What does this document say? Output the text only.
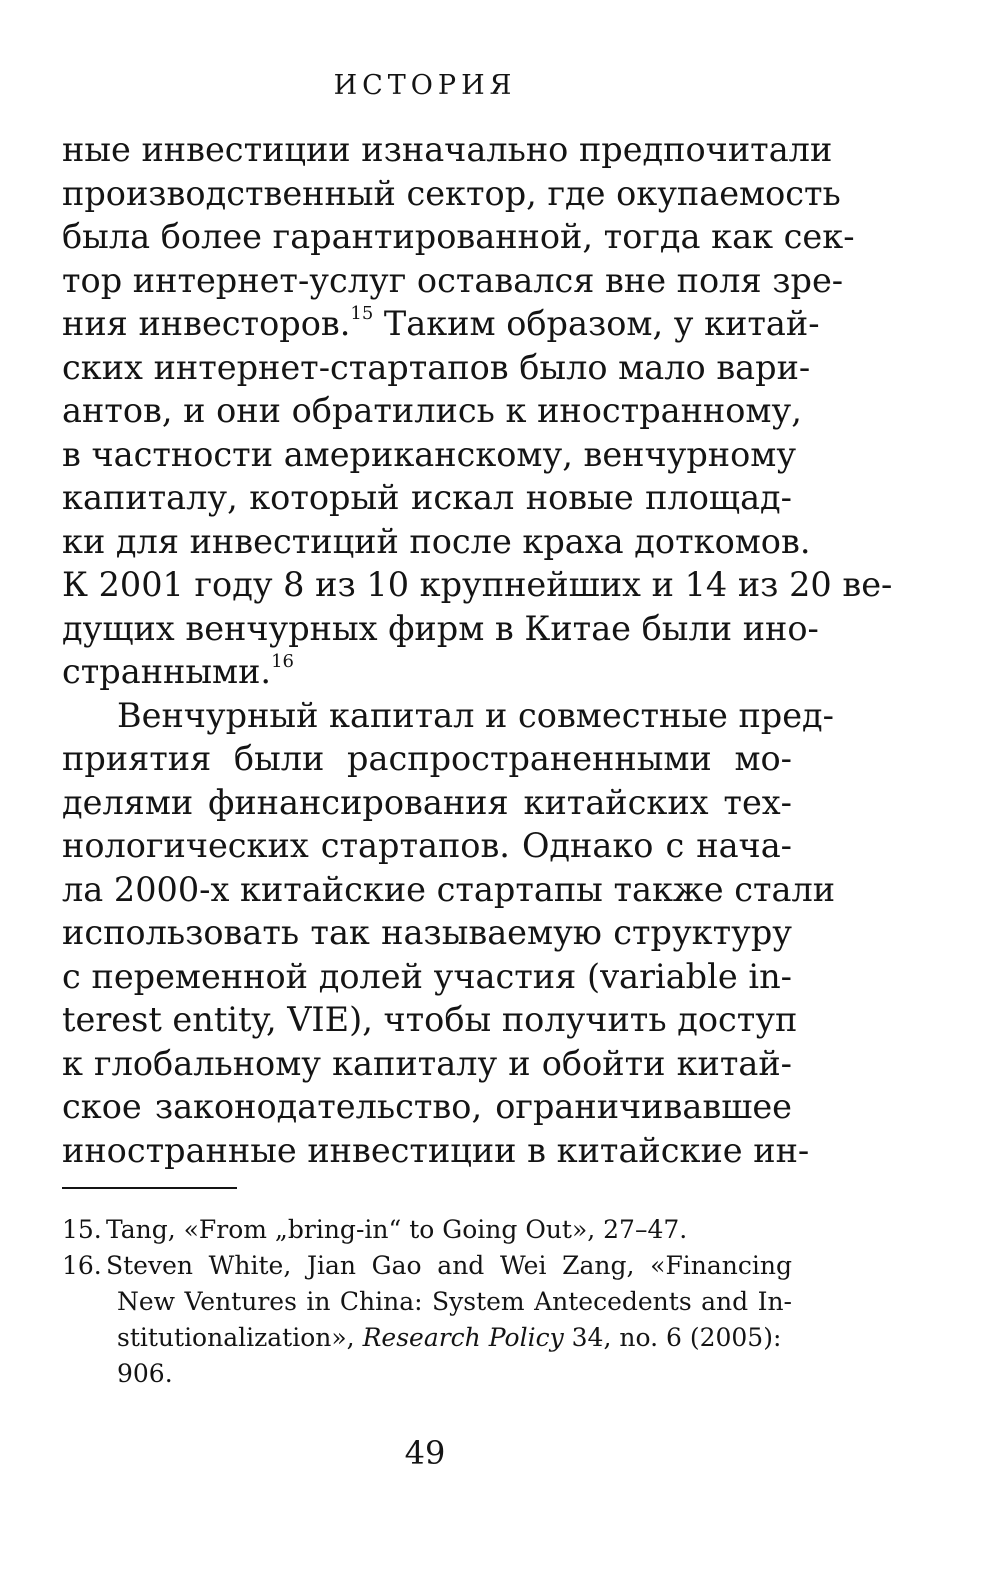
ИСТОРИЯ
ные инвестиции изначально предпочитали
производственный сектор, где окупаемость
была более гарантированной, тогда как сек-
тор интернет-услуг оставался вне поля зре-
ния инвесторов.$^{15}$ Таким образом, у китай-
ских интернет-стартапов было мало вари-
антов, и они обратились к иностранному,
в частности американскому, венчурному
капиталу, который искал новые площад-
ки для инвестиций после краха доткомов.
К 2001 году 8 из 10 крупнейших и 14 из 20 ве-
дущих венчурных фирм в Китае были ино-
странными.$^{16}$
Венчурный капитал и совместные пред-
приятия были распространенными мо-
делями финансирования китайских тех-
нологических стартапов. Однако с нача-
ла 2000-х китайские стартапы также стали
использовать так называемую структуру
с переменной долей участия (variable in-
terest entity, VIE), чтобы получить доступ
к глобальному капиталу и обойти китай-
ское законодательство, ограничивавшее
иностранные инвестиции в китайские ин-
15. Tang, «From „bring-in“ to Going Out», 27–47.
16. Steven White, Jian Gao and Wei Zang, «Financing
New Ventures in China: System Antecedents and In-
stitutionalization», Research Policy 34, no. 6 (2005):
906.
49
